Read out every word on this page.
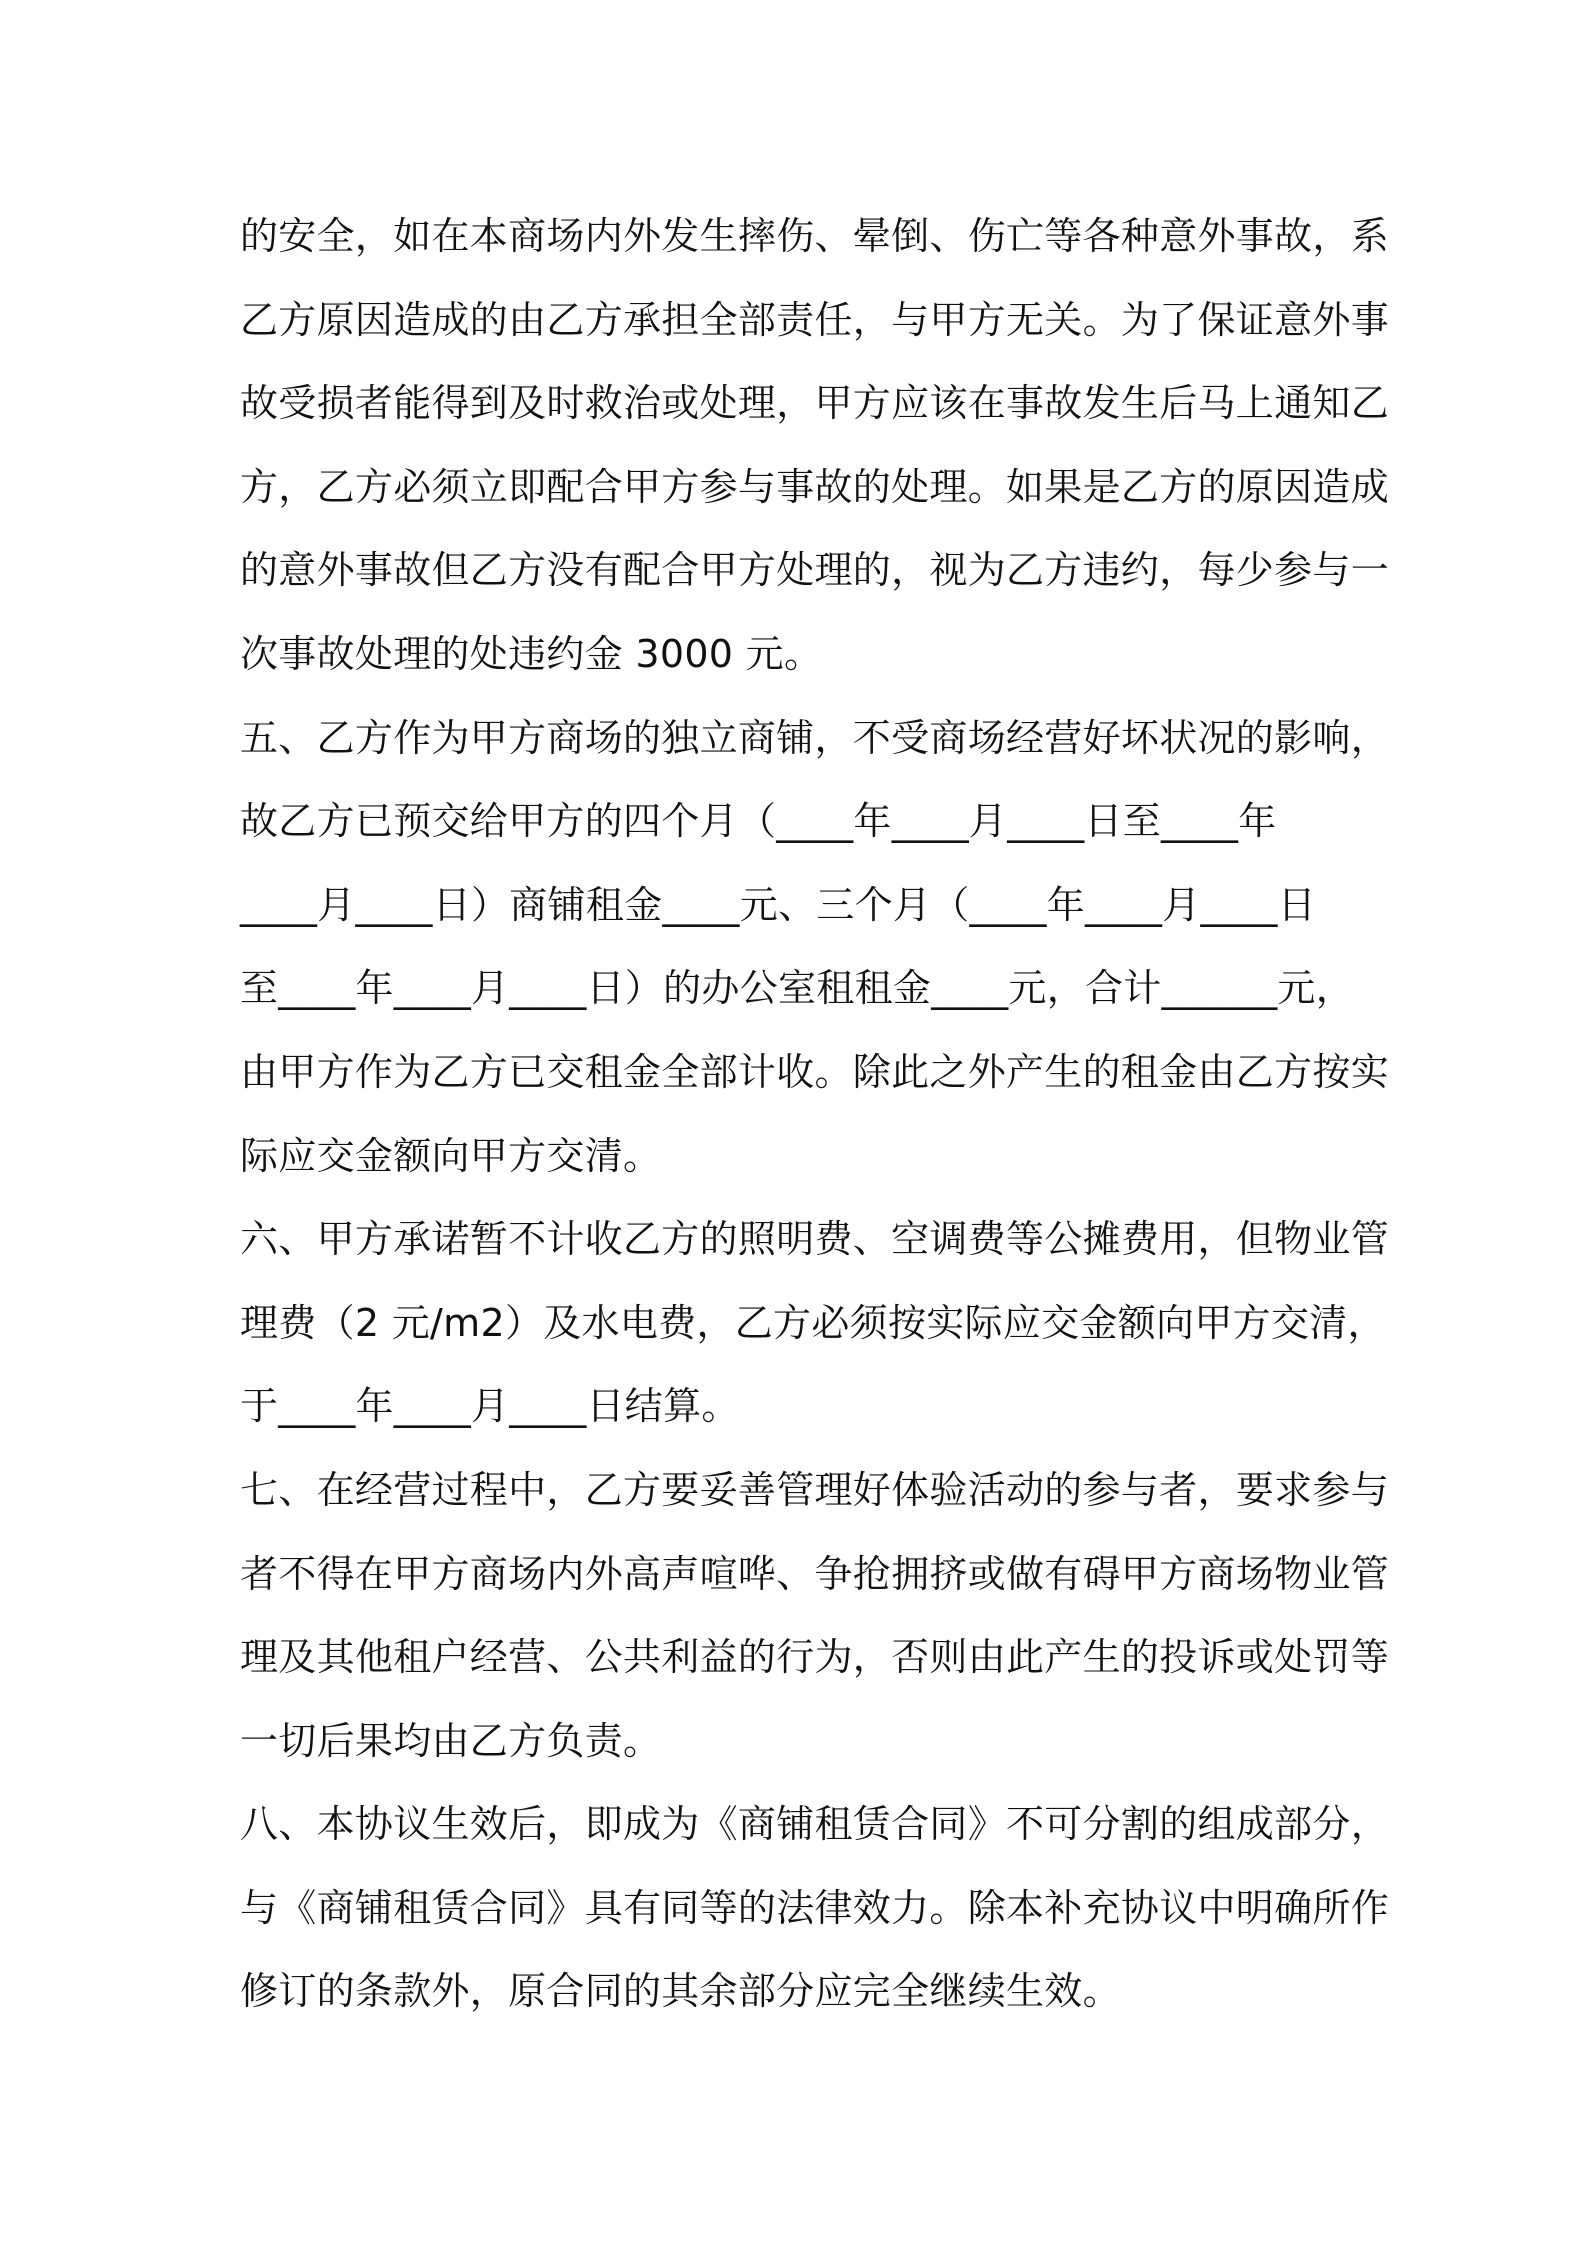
的安全，如在本商场内外发生摔伤、晕倒、伤亡等各种意外事故，系
乙方原因造成的由乙方承担全部责任，与甲方无关。为了保证意外事
故受损者能得到及时救治或处理，甲方应该在事故发生后马上通知乙
方，乙方必须立即配合甲方参与事故的处理。如果是乙方的原因造成
的意外事故但乙方没有配合甲方处理的，视为乙方违约，每少参与一
次事故处理的处违约金 3000 元。
五、乙方作为甲方商场的独立商铺，不受商场经营好坏状况的影响，
故乙方已预交给甲方的四个月（____年____月____日至____年
____月____日）商铺租金____元、三个月（____年____月____日
至____年____月____日）的办公室租租金____元，合计______元，
由甲方作为乙方已交租金全部计收。除此之外产生的租金由乙方按实
际应交金额向甲方交清。
六、甲方承诺暂不计收乙方的照明费、空调费等公摊费用，但物业管
理费（2 元/m2）及水电费，乙方必须按实际应交金额向甲方交清，
于____年____月____日结算。
七、在经营过程中，乙方要妥善管理好体验活动的参与者，要求参与
者不得在甲方商场内外高声喧哗、争抢拥挤或做有碍甲方商场物业管
理及其他租户经营、公共利益的行为，否则由此产生的投诉或处罚等
一切后果均由乙方负责。
八、本协议生效后，即成为《商铺租赁合同》不可分割的组成部分，
与《商铺租赁合同》具有同等的法律效力。除本补充协议中明确所作
修订的条款外，原合同的其余部分应完全继续生效。
